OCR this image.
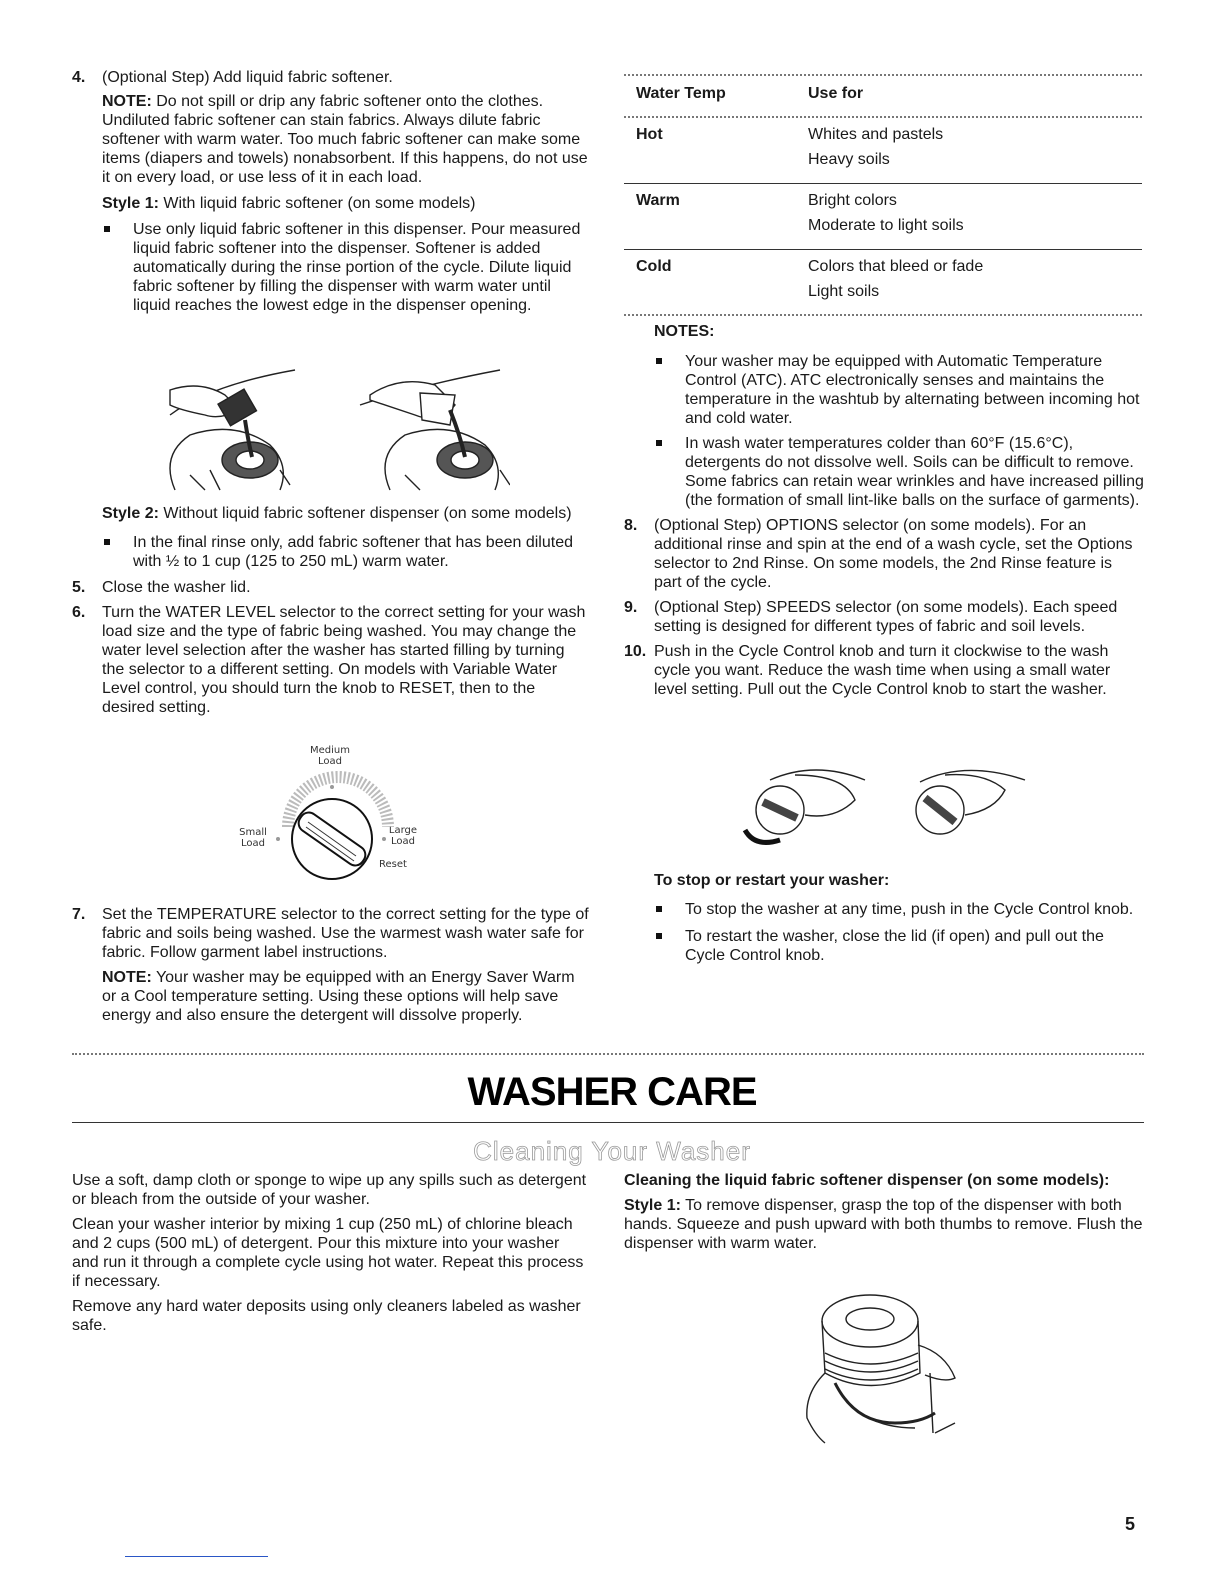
4. (Optional Step) Add liquid fabric softener.

NOTE: Do not spill or drip any fabric softener onto the clothes. Undiluted fabric softener can stain fabrics. Always dilute fabric softener with warm water. Too much fabric softener can make some items (diapers and towels) nonabsorbent. If this happens, do not use it on every load, or use less of it in each load.

Style 1: With liquid fabric softener (on some models)

Use only liquid fabric softener in this dispenser. Pour measured liquid fabric softener into the dispenser. Softener is added automatically during the rinse portion of the cycle. Dilute liquid fabric softener by filling the dispenser with warm water until liquid reaches the lowest edge in the dispenser opening.

Style 2: Without liquid fabric softener dispenser (on some models)

In the final rinse only, add fabric softener that has been diluted with ½ to 1 cup (125 to 250 mL) warm water.

5. Close the washer lid.

6. Turn the WATER LEVEL selector to the correct setting for your wash load size and the type of fabric being washed. You may change the water level selection after the washer has started filling by turning the selector to a different setting. On models with Variable Water Level control, you should turn the knob to RESET, then to the desired setting.

Medium
Load
Small
Load
Large
Load
Reset
7. Set the TEMPERATURE selector to the correct setting for the type of fabric and soils being washed. Use the warmest wash water safe for fabric. Follow garment label instructions.

NOTE: Your washer may be equipped with an Energy Saver Warm or a Cool temperature setting. Using these options will help save energy and also ensure the detergent will dissolve properly.

Water Temp	Use for
Hot	Whites and pastels
Heavy soils
Warm	Bright colors
Moderate to light soils
Cold	Colors that bleed or fade
Light soils

NOTES:

Your washer may be equipped with Automatic Temperature Control (ATC). ATC electronically senses and maintains the temperature in the washtub by alternating between incoming hot and cold water.

In wash water temperatures colder than 60°F (15.6°C), detergents do not dissolve well. Soils can be difficult to remove. Some fabrics can retain wear wrinkles and have increased pilling (the formation of small lint-like balls on the surface of garments).

8. (Optional Step) OPTIONS selector (on some models). For an additional rinse and spin at the end of a wash cycle, set the Options selector to 2nd Rinse. On some models, the 2nd Rinse feature is part of the cycle.

9. (Optional Step) SPEEDS selector (on some models). Each speed setting is designed for different types of fabric and soil levels.

10. Push in the Cycle Control knob and turn it clockwise to the wash cycle you want. Reduce the wash time when using a small water level setting. Pull out the Cycle Control knob to start the washer.

To stop or restart your washer:

To stop the washer at any time, push in the Cycle Control knob.

To restart the washer, close the lid (if open) and pull out the Cycle Control knob.

WASHER CARE
Cleaning Your Washer

Use a soft, damp cloth or sponge to wipe up any spills such as detergent or bleach from the outside of your washer.

Clean your washer interior by mixing 1 cup (250 mL) of chlorine bleach and 2 cups (500 mL) of detergent. Pour this mixture into your washer and run it through a complete cycle using hot water. Repeat this process if necessary.

Remove any hard water deposits using only cleaners labeled as washer safe.

Cleaning the liquid fabric softener dispenser (on some models):

Style 1: To remove dispenser, grasp the top of the dispenser with both hands. Squeeze and push upward with both thumbs to remove. Flush the dispenser with warm water.

5
